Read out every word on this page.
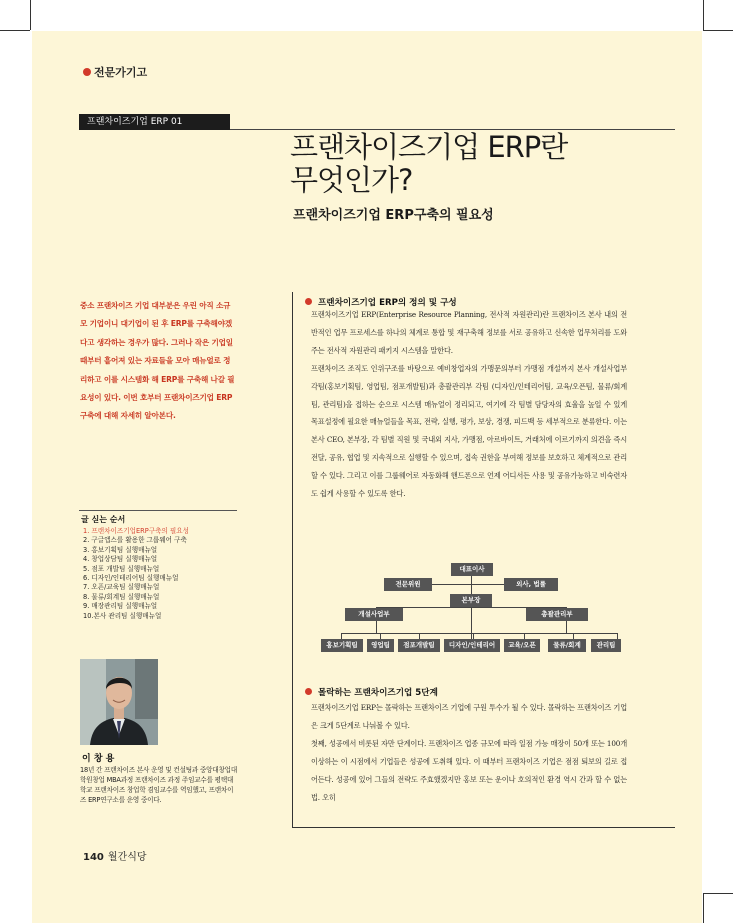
전문가기고
프랜차이즈기업 ERP 01
프랜차이즈기업 ERP란
무엇인가?
프랜차이즈기업 ERP구축의 필요성
중소 프랜차이즈 기업 대부분은 우린 아직 소규모 기업이니 대기업이 된 후 ERP를 구축해야겠다고 생각하는 경우가 많다. 그러나 작은 기업일 때부터 흩어져 있는 자료들을 모아 매뉴얼로 정리하고 이를 시스템화 해 ERP를 구축해 나갈 필요성이 있다. 이번 호부터 프랜차이즈기업 ERP구축에 대해 자세히 알아본다.
글 싣는 순서
1. 프랜차이즈기업ERP구축의 필요성
2. 구글앱스를 활용한 그룹웨어 구축
3. 홍보기획팀 실행매뉴얼
4. 창업상담팀 실행매뉴얼
5. 점포 개발팀 실행매뉴얼
6. 디자인/인테리어팀 실행매뉴얼
7. 오픈/교육팀 실행매뉴얼
8. 물류/회계팀 실행매뉴얼
9. 매장관리팀 실행매뉴얼
10.본사 관리팀 실행매뉴얼
이 창 용
18년 간 프랜차이즈 본사 운영 및 컨설팅과 중앙대창업대학원창업 MBA과정 프랜차이즈 과정 주임교수를 평택대학교 프랜차이즈 창업학 겸임교수를 역임했고, 프랜차이즈 ERP연구소를 운영 중이다.
프랜차이즈기업 ERP의 정의 및 구성

프랜차이즈기업 ERP(Enterprise Resource Planning, 전사적 자원관리)란 프랜차이즈 본사 내의 전반적인 업무 프로세스를 하나의 체계로 통합 및 재구축해 정보를 서로 공유하고 신속한 업무처리를 도와주는 전사적 자원관리 패키지 시스템을 말한다.

프랜차이즈 조직도 인위구조를 바탕으로 예비창업자의 가맹문의부터 가맹점 개설까지 본사 개설사업부 각팀(홍보기획팀, 영업팀, 점포개발팀)과 총괄관리부 각팀 (디자인/인테리어팀, 교육/오픈팀, 물류/회계팀, 관리팀)을 접하는 순으로 시스템 매뉴얼이 정리되고, 여기에 각 팀별 담당자의 효율을 높일 수 있게 목표설정에 필요한 매뉴얼들을 목표, 전략, 실행, 평가, 보상, 경쟁, 피드백 등 세부적으로 분류한다. 이는 본사 CEO, 본부장, 각 팀별 직원 및 국내외 지사, 가맹점, 아르바이트, 거래처에 이르기까지 의견을 즉시 전달, 공유, 협업 및 지속적으로 실행할 수 있으며, 접속 권한을 부여해 정보를 보호하고 체계적으로 관리할 수 있다. 그리고 이를 그룹웨어로 자동화해 핸드폰으로 언제 어디서든 사용 및 공유가능하고 비숙련자도 쉽게 사용할 수 있도록 한다.

대표이사
전문위원	외사, 법률
본부장
개설사업부	총괄관리부
홍보기획팀	영업팀	점포개발팀	디자인/인테리어	교육/오픈	물류/회계	관리팀
몰락하는 프랜차이즈기업 5단계

프랜차이즈기업 ERP는 몰락하는 프랜차이즈 기업에 구원 투수가 될 수 있다. 몰락하는 프랜차이즈 기업은 크게 5단계로 나눠볼 수 있다.

첫째, 성공에서 비롯된 자만 단계이다. 프랜차이즈 업종 규모에 따라 일점 가능 매장이 50개 또는 100개 이상하는 이 시점에서 기업들은 성공에 도취해 있다. 이 때부터 프랜차이즈 기업은 점점 퇴보의 길로 접어든다. 성공에 있어 그들의 전략도 주효했겠지만 홍보 또는 운이나 호의적인 환경 역시 간과 할 수 없는 법. 오히

140 월간식당
